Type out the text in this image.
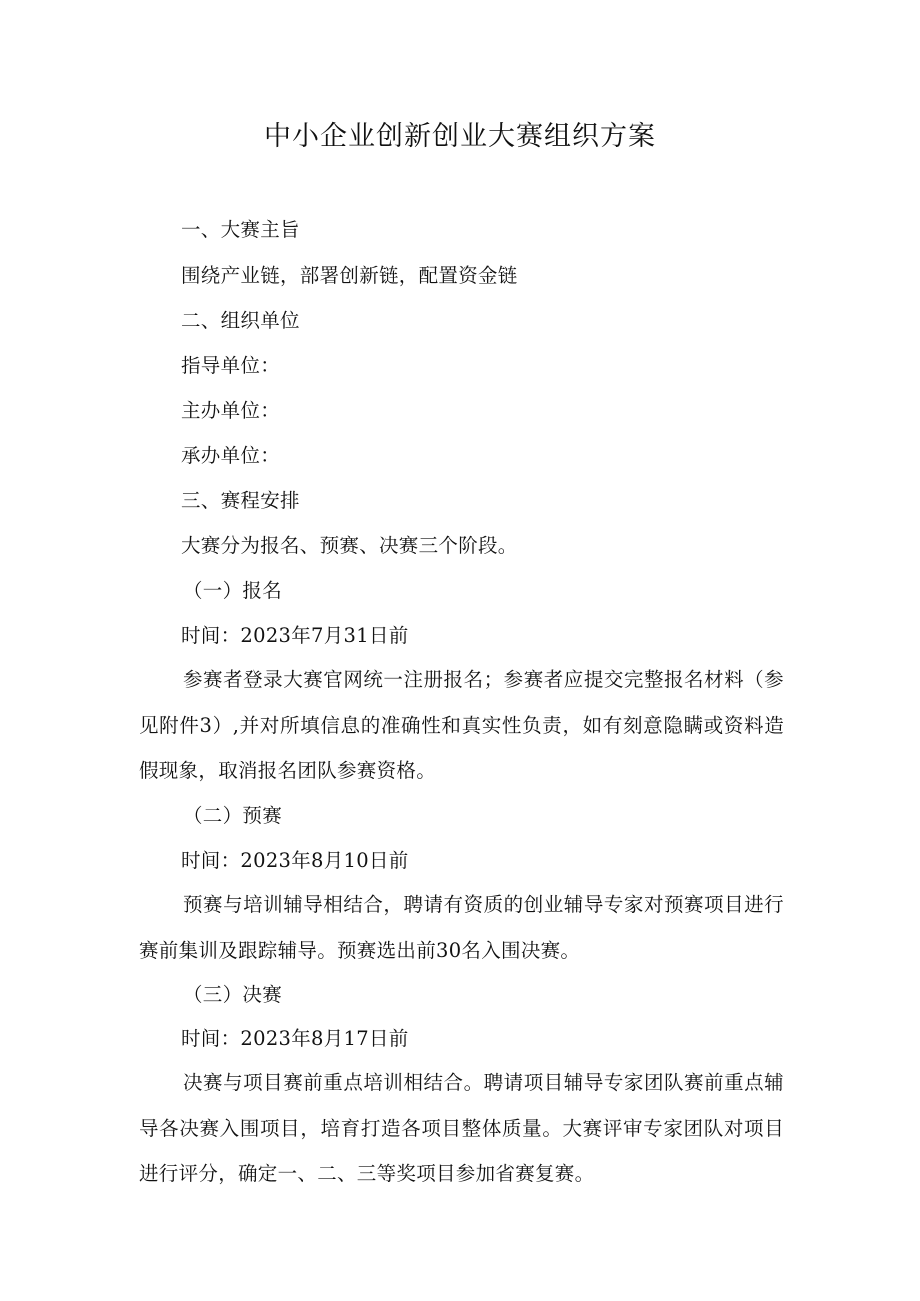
中小企业创新创业大赛组织方案
一、大赛主旨
围绕产业链，部署创新链，配置资金链
二、组织单位
指导单位：
主办单位：
承办单位：
三、赛程安排
大赛分为报名、预赛、决赛三个阶段。
（一）报名
时间：2023年7月31日前
参赛者登录大赛官网统一注册报名；参赛者应提交完整报名材料（参见附件3）,并对所填信息的准确性和真实性负责，如有刻意隐瞒或资料造假现象，取消报名团队参赛资格。
（二）预赛
时间：2023年8月10日前
预赛与培训辅导相结合，聘请有资质的创业辅导专家对预赛项目进行赛前集训及跟踪辅导。预赛选出前30名入围决赛。
（三）决赛
时间：2023年8月17日前
决赛与项目赛前重点培训相结合。聘请项目辅导专家团队赛前重点辅导各决赛入围项目，培育打造各项目整体质量。大赛评审专家团队对项目进行评分，确定一、二、三等奖项目参加省赛复赛。
